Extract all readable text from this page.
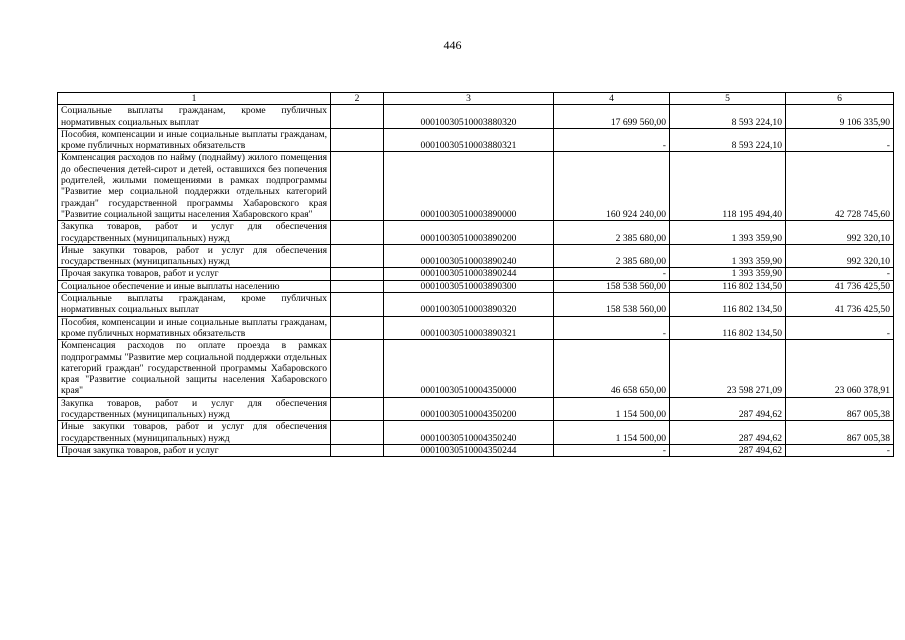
446
1	2	3	4	5	6
Социальные выплаты гражданам, кроме публичных нормативных социальных выплат		00010030510003880320	17 699 560,00	8 593 224,10	9 106 335,90
Пособия, компенсации и иные социальные выплаты гражданам, кроме публичных нормативных обязательств		00010030510003880321	-	8 593 224,10	-
Компенсация расходов по найму (поднайму) жилого помещения до обеспечения детей-сирот и детей, оставшихся без попечения родителей, жилыми помещениями в рамках подпрограммы "Развитие мер социальной поддержки отдельных категорий граждан" государственной программы Хабаровского края "Развитие социальной защиты населения Хабаровского края"		00010030510003890000	160 924 240,00	118 195 494,40	42 728 745,60
Закупка товаров, работ и услуг для обеспечения государственных (муниципальных) нужд		00010030510003890200	2 385 680,00	1 393 359,90	992 320,10
Иные закупки товаров, работ и услуг для обеспечения государственных (муниципальных) нужд		00010030510003890240	2 385 680,00	1 393 359,90	992 320,10
Прочая закупка товаров, работ и услуг		00010030510003890244	-	1 393 359,90	-
Социальное обеспечение и иные выплаты населению		00010030510003890300	158 538 560,00	116 802 134,50	41 736 425,50
Социальные выплаты гражданам, кроме публичных нормативных социальных выплат		00010030510003890320	158 538 560,00	116 802 134,50	41 736 425,50
Пособия, компенсации и иные социальные выплаты гражданам, кроме публичных нормативных обязательств		00010030510003890321	-	116 802 134,50	-
Компенсация расходов по оплате проезда в рамках подпрограммы "Развитие мер социальной поддержки отдельных категорий граждан" государственной программы Хабаровского края "Развитие социальной защиты населения Хабаровского края"		00010030510004350000	46 658 650,00	23 598 271,09	23 060 378,91
Закупка товаров, работ и услуг для обеспечения государственных (муниципальных) нужд		00010030510004350200	1 154 500,00	287 494,62	867 005,38
Иные закупки товаров, работ и услуг для обеспечения государственных (муниципальных) нужд		00010030510004350240	1 154 500,00	287 494,62	867 005,38
Прочая закупка товаров, работ и услуг		00010030510004350244	-	287 494,62	-
